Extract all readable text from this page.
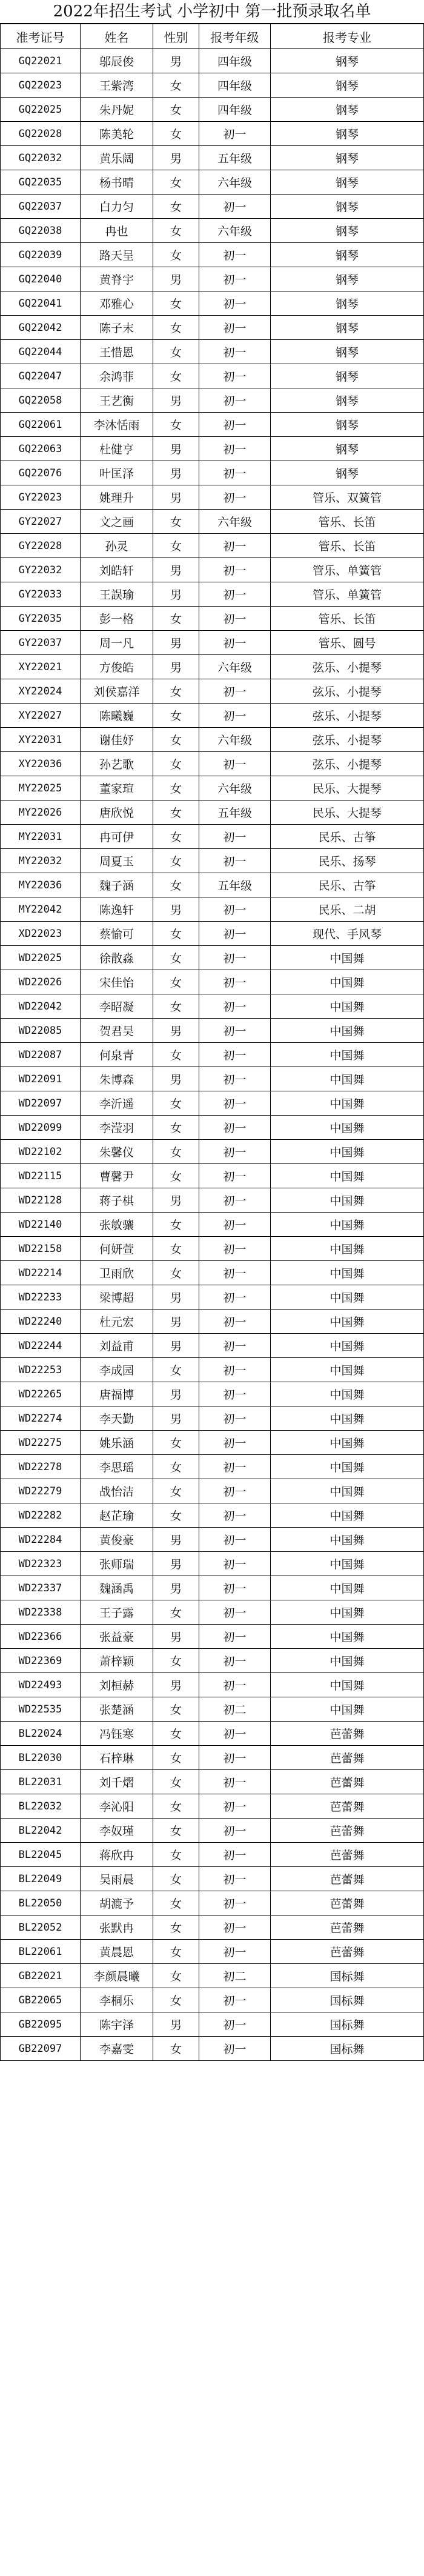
2022年招生考试 小学初中 第一批预录取名单
准考证号	姓名	性别	报考年级	报考专业
GQ22021	邬辰俊	男	四年级	钢琴
GQ22023	王紫湾	女	四年级	钢琴
GQ22025	朱丹妮	女	四年级	钢琴
GQ22028	陈美轮	女	初一	钢琴
GQ22032	黄乐阔	男	五年级	钢琴
GQ22035	杨书晴	女	六年级	钢琴
GQ22037	白力匀	女	初一	钢琴
GQ22038	冉也	女	六年级	钢琴
GQ22039	路天呈	女	初一	钢琴
GQ22040	黄脊宇	男	初一	钢琴
GQ22041	邓雅心	女	初一	钢琴
GQ22042	陈子末	女	初一	钢琴
GQ22044	王惜恩	女	初一	钢琴
GQ22047	余鸿菲	女	初一	钢琴
GQ22058	王艺衡	男	初一	钢琴
GQ22061	李沐恬雨	女	初一	钢琴
GQ22063	杜健亨	男	初一	钢琴
GQ22076	叶匡泽	男	初一	钢琴
GY22023	姚理升	男	初一	管乐、双簧管
GY22027	文之画	女	六年级	管乐、长笛
GY22028	孙灵	女	初一	管乐、长笛
GY22032	刘皓轩	男	初一	管乐、单簧管
GY22033	王誤瑜	男	初一	管乐、单簧管
GY22035	彭一格	女	初一	管乐、长笛
GY22037	周一凡	男	初一	管乐、圆号
XY22021	方俊皓	男	六年级	弦乐、小提琴
XY22024	刘侯嘉洋	女	初一	弦乐、小提琴
XY22027	陈曦巍	女	初一	弦乐、小提琴
XY22031	谢佳妤	女	六年级	弦乐、小提琴
XY22036	孙艺歌	女	初一	弦乐、小提琴
MY22025	董家瑄	女	六年级	民乐、大提琴
MY22026	唐欣悦	女	五年级	民乐、大提琴
MY22031	冉可伊	女	初一	民乐、古筝
MY22032	周夏玉	女	初一	民乐、扬琴
MY22036	魏子涵	女	五年级	民乐、古筝
MY22042	陈逸轩	男	初一	民乐、二胡
XD22023	蔡愉可	女	初一	现代、手风琴
WD22025	徐散淼	女	初一	中国舞
WD22026	宋佳怡	女	初一	中国舞
WD22042	李昭凝	女	初一	中国舞
WD22085	贺君昊	男	初一	中国舞
WD22087	何泉青	女	初一	中国舞
WD22091	朱博森	男	初一	中国舞
WD22097	李沂遥	女	初一	中国舞
WD22099	李滢羽	女	初一	中国舞
WD22102	朱馨仪	女	初一	中国舞
WD22115	曹馨尹	女	初一	中国舞
WD22128	蒋子棋	男	初一	中国舞
WD22140	张敏骧	女	初一	中国舞
WD22158	何妍萱	女	初一	中国舞
WD22214	卫雨欣	女	初一	中国舞
WD22233	梁博超	男	初一	中国舞
WD22240	杜元宏	男	初一	中国舞
WD22244	刘益甫	男	初一	中国舞
WD22253	李成园	女	初一	中国舞
WD22265	唐福博	男	初一	中国舞
WD22274	李天勤	男	初一	中国舞
WD22275	姚乐涵	女	初一	中国舞
WD22278	李思瑶	女	初一	中国舞
WD22279	战怡洁	女	初一	中国舞
WD22282	赵芷瑜	女	初一	中国舞
WD22284	黄俊豪	男	初一	中国舞
WD22323	张师瑞	男	初一	中国舞
WD22337	魏涵禹	男	初一	中国舞
WD22338	王子露	女	初一	中国舞
WD22366	张益豪	男	初一	中国舞
WD22369	萧梓颖	女	初一	中国舞
WD22493	刘桓赫	男	初一	中国舞
WD22535	张楚涵	女	初二	中国舞
BL22024	冯钰寒	女	初一	芭蕾舞
BL22030	石梓琳	女	初一	芭蕾舞
BL22031	刘千熠	女	初一	芭蕾舞
BL22032	李沁阳	女	初一	芭蕾舞
BL22042	李奴瑾	女	初一	芭蕾舞
BL22045	蒋欣冉	女	初一	芭蕾舞
BL22049	吴雨晨	女	初一	芭蕾舞
BL22050	胡漉予	女	初一	芭蕾舞
BL22052	张默冉	女	初一	芭蕾舞
BL22061	黄晨恩	女	初一	芭蕾舞
GB22021	李颜晨曦	女	初二	国标舞
GB22065	李桐乐	女	初一	国标舞
GB22095	陈宇泽	男	初一	国标舞
GB22097	李嘉雯	女	初一	国标舞
